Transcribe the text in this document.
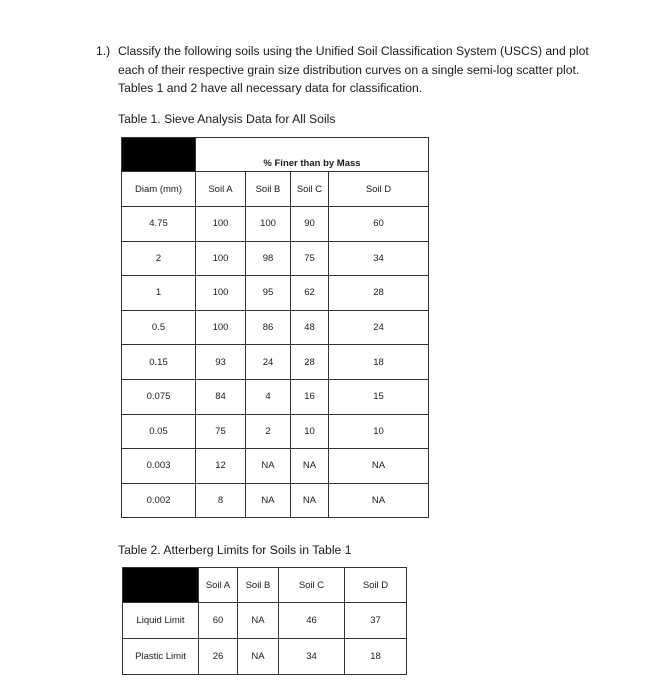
1.) Classify the following soils using the Unified Soil Classification System (USCS) and plot
each of their respective grain size distribution curves on a single semi-log scatter plot.
Tables 1 and 2 have all necessary data for classification.
Table 1. Sieve Analysis Data for All Soils
	% Finer than by Mass			
Diam (mm)	Soil A	Soil B	Soil C	Soil D
4.75	100	100	90	60
2	100	98	75	34
1	100	95	62	28
0.5	100	86	48	24
0.15	93	24	28	18
0.075	84	4	16	15
0.05	75	2	10	10
0.003	12	NA	NA	NA
0.002	8	NA	NA	NA
Table 2. Atterberg Limits for Soils in Table 1
	Soil A	Soil B	Soil C	Soil D
Liquid Limit	60	NA	46	37
Plastic Limit	26	NA	34	18
